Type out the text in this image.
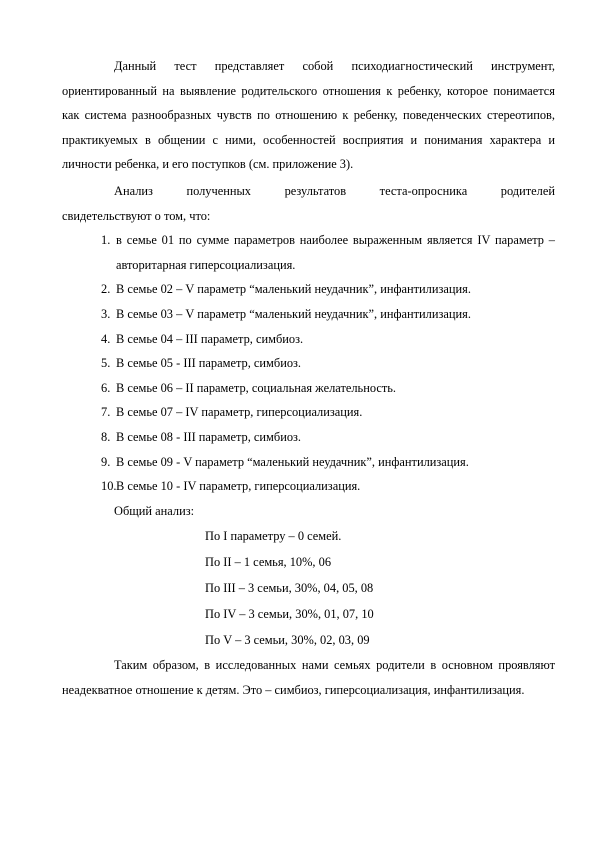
Данный тест представляет собой психодиагностический инструмент, ориентированный на выявление родительского отношения к ребенку, которое понимается как система разнообразных чувств по отношению к ребенку, поведенческих стереотипов, практикуемых в общении с ними, особенностей восприятия и понимания характера и личности ребенка, и его поступков (см. приложение 3).

Анализ	полученных	результатов	теста-опросника	родителей
свидетельствуют о том, что:
1. в семье 01 по сумме параметров наиболее выраженным является IV параметр – авторитарная гиперсоциализация.
2. В семье 02 – V параметр “маленький неудачник”, инфантилизация.
3. В семье 03 – V параметр “маленький неудачник”, инфантилизация.
4. В семье 04 – III параметр, симбиоз.
5. В семье 05 - III параметр, симбиоз.
6. В семье 06 – II параметр, социальная желательность.
7. В семье 07 – IV параметр, гиперсоциализация.
8. В семье 08 - III параметр, симбиоз.
9. В семье 09 - V параметр “маленький неудачник”, инфантилизация.
10. В семье 10 - IV параметр, гиперсоциализация.
Общий анализ:
По I параметру – 0 семей.
По II – 1 семья, 10%, 06
По III – 3 семьи, 30%, 04, 05, 08
По IV – 3 семьи, 30%, 01, 07, 10
По V – 3 семьи, 30%, 02, 03, 09

Таким образом, в исследованных нами семьях родители в основном проявляют неадекватное отношение к детям. Это – симбиоз, гиперсоциализация, инфантилизация.
